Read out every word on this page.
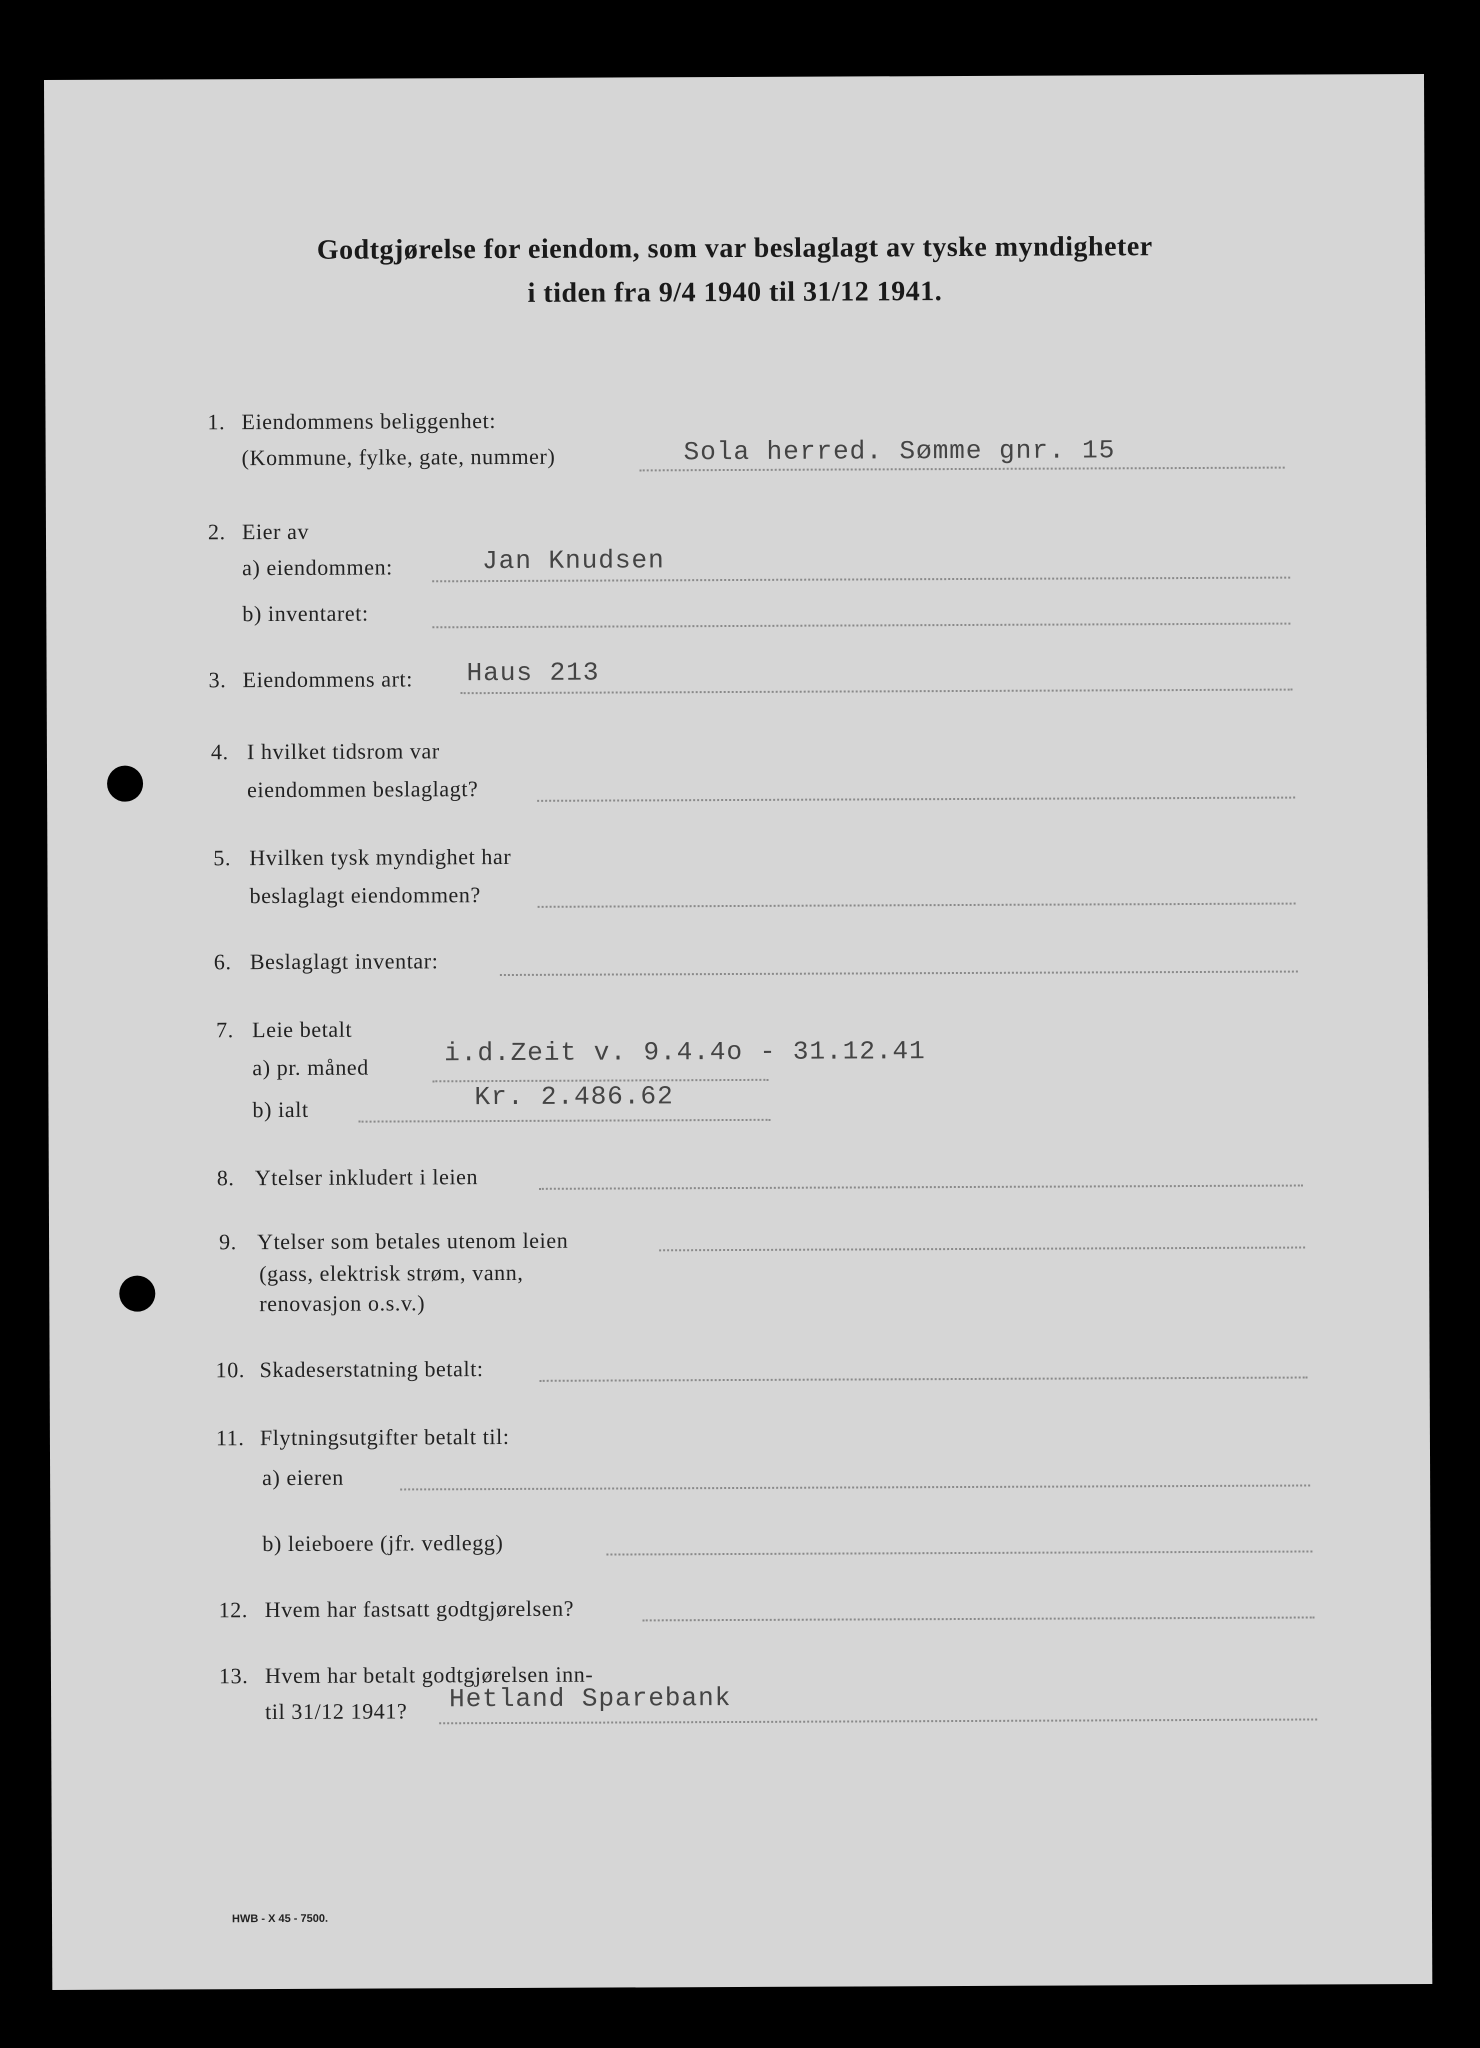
Godtgjørelse for eiendom, som var beslaglagt av tyske myndigheter
i tiden fra 9/4 1940 til 31/12 1941.
1. Eiendommens beliggenhet:
(Kommune, fylke, gate, nummer)	Sola herred. Sømme gnr. 15
2. Eier av
a) eiendommen:	Jan Knudsen
b) inventaret:
3. Eiendommens art: Haus 213
4. I hvilket tidsrom var
eiendommen beslaglagt?
5. Hvilken tysk myndighet har
beslaglagt eiendommen?
6. Beslaglagt inventar:
7. Leie betalt
a) pr. måned	i.d.Zeit v. 9.4.4o - 31.12.41
b) ialt	Kr. 2.486.62
8. Ytelser inkludert i leien
9. Ytelser som betales utenom leien
(gass, elektrisk strøm, vann,
renovasjon o.s.v.)
10. Skadeserstatning betalt:
11. Flytningsutgifter betalt til:
a) eieren
b) leieboere (jfr. vedlegg)
12. Hvem har fastsatt godtgjørelsen?
13. Hvem har betalt godtgjørelsen inn-
til 31/12 1941? Hetland Sparebank
HWB - X 45 - 7500.
